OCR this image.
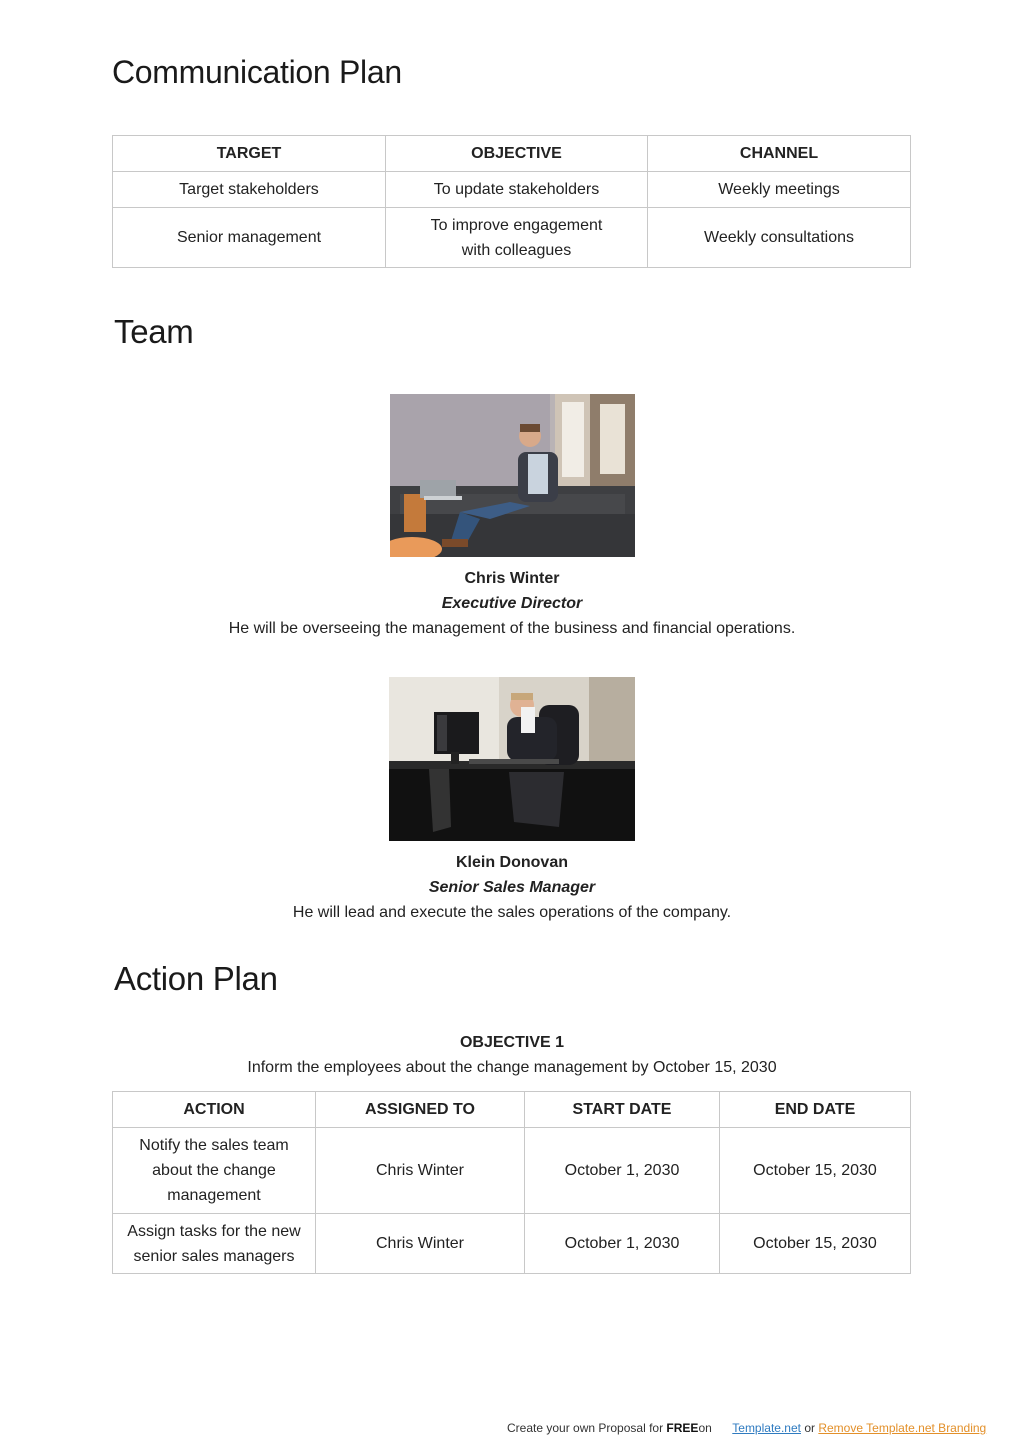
Communication Plan
TARGET	OBJECTIVE	CHANNEL
Target stakeholders	To update stakeholders	Weekly meetings
Senior management	To improve engagement with colleagues	Weekly consultations
Team
Chris Winter
Executive Director
He will be overseeing the management of the business and financial operations.
Klein Donovan
Senior Sales Manager
He will lead and execute the sales operations of the company.
Action Plan
OBJECTIVE 1
Inform the employees about the change management by October 15, 2030
ACTION	ASSIGNED TO	START DATE	END DATE
Notify the sales team about the change management	Chris Winter	October 1, 2030	October 15, 2030
Assign tasks for the new senior sales managers	Chris Winter	October 1, 2030	October 15, 2030
Create your own Proposal for FREEon Template.net or Remove Template.net Branding
